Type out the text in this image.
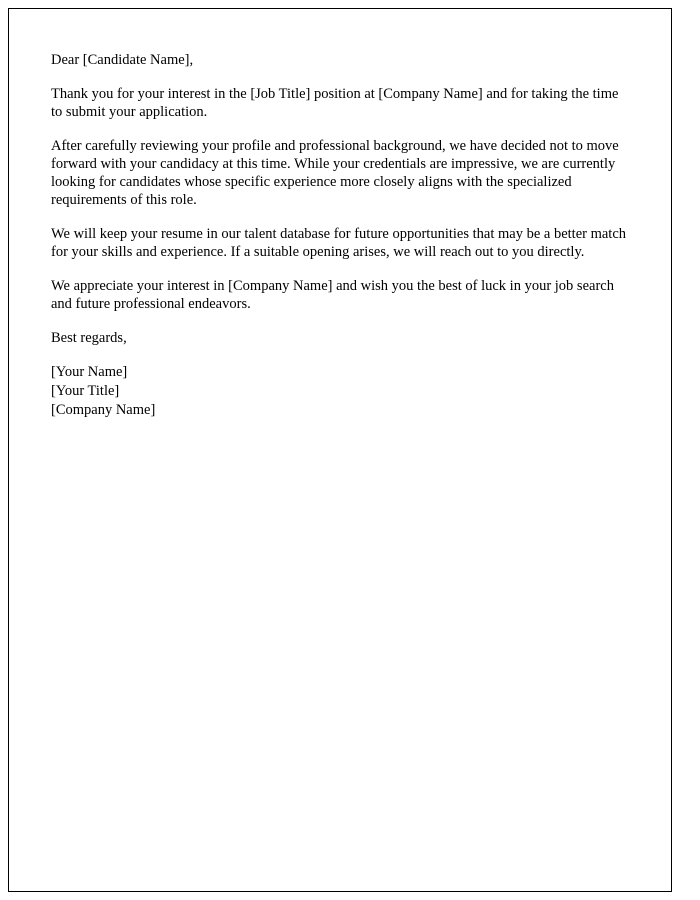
Dear [Candidate Name],

Thank you for your interest in the [Job Title] position at [Company Name] and for taking the time to submit your application.

After carefully reviewing your profile and professional background, we have decided not to move forward with your candidacy at this time. While your credentials are impressive, we are currently looking for candidates whose specific experience more closely aligns with the specialized requirements of this role.

We will keep your resume in our talent database for future opportunities that may be a better match for your skills and experience. If a suitable opening arises, we will reach out to you directly.

We appreciate your interest in [Company Name] and wish you the best of luck in your job search and future professional endeavors.

Best regards,

[Your Name]

[Your Title]

[Company Name]
